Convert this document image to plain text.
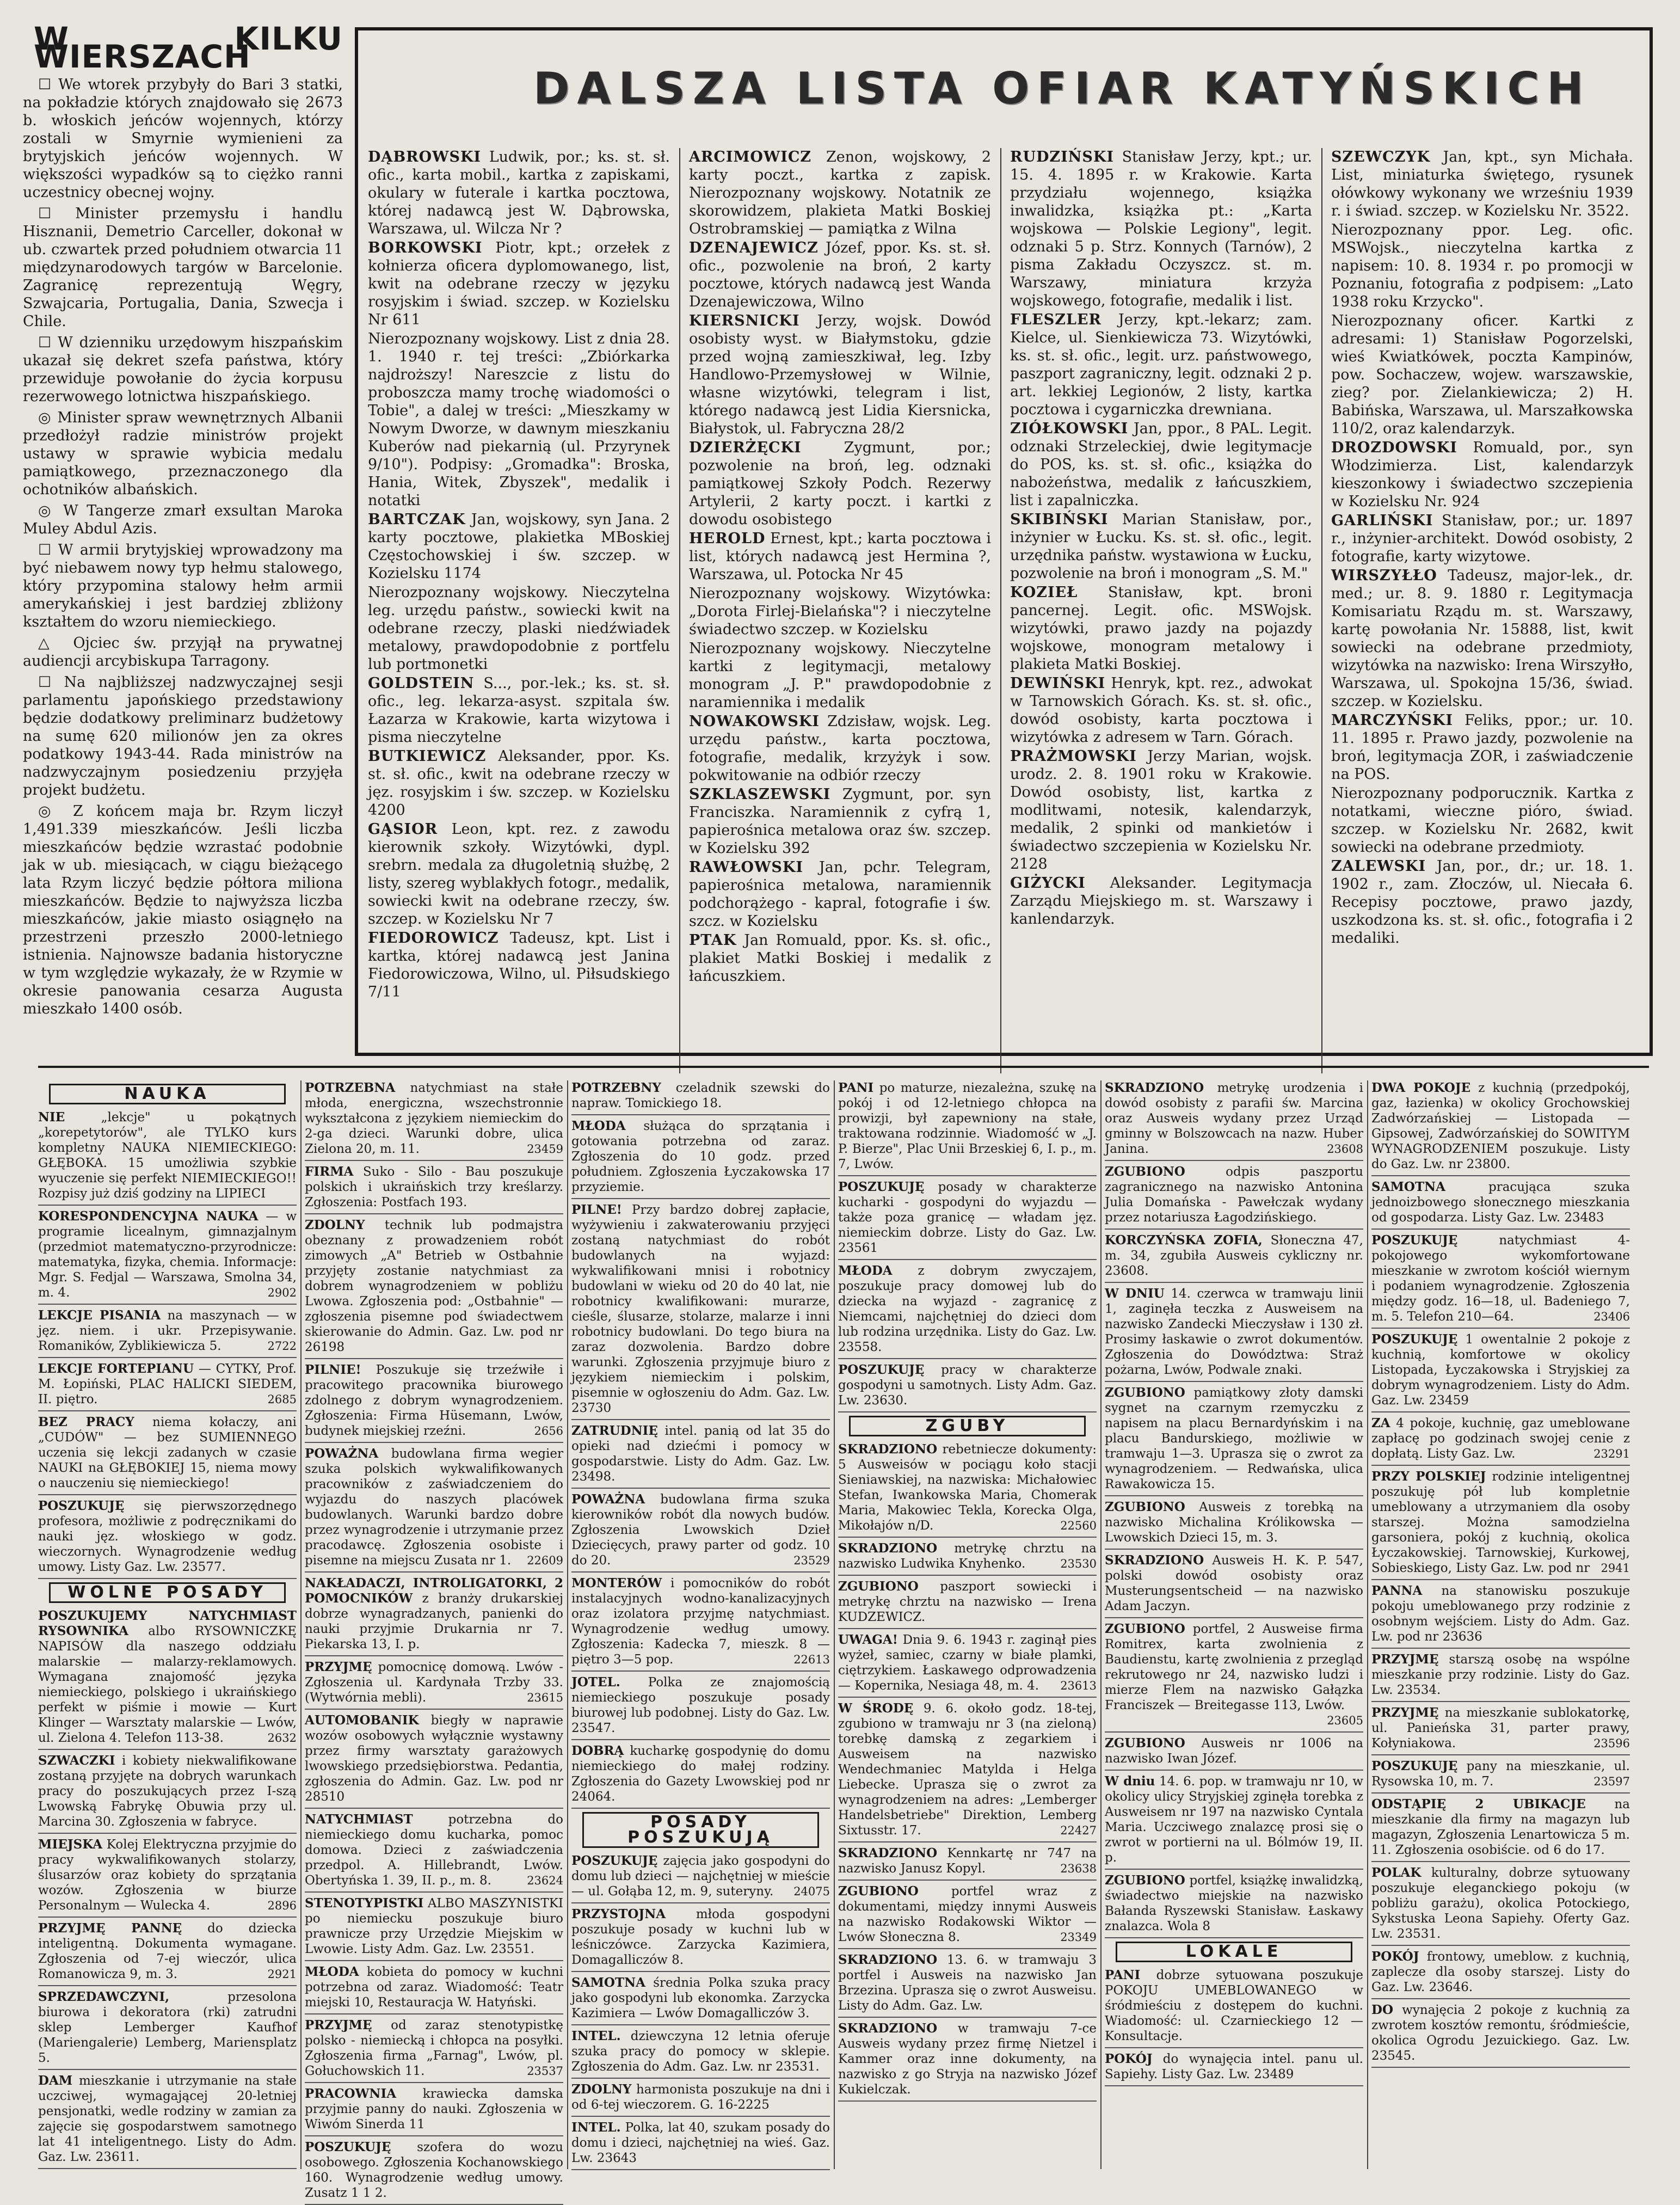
W KILKU WIERSZACH

☐ We wtorek przybyły do Bari 3 statki, na pokładzie których znajdowało się 2673 b. włoskich jeńców wojennych, którzy zostali w Smyrnie wymienieni za brytyjskich jeńców wojennych. W większości wypadków są to ciężko ranni uczestnicy obecnej wojny.

☐ Minister przemysłu i handlu Hisznanii, Demetrio Carceller, dokonał w ub. czwartek przed południem otwarcia 11 międzynarodowych targów w Barcelonie. Zagranicę reprezentują Węgry, Szwajcaria, Portugalia, Dania, Szwecja i Chile.

☐ W dzienniku urzędowym hiszpańskim ukazał się dekret szefa państwa, który przewiduje powołanie do życia korpusu rezerwowego lotnictwa hiszpańskiego.

◎ Minister spraw wewnętrznych Albanii przedłożył radzie ministrów projekt ustawy w sprawie wybicia medalu pamiątkowego, przeznaczonego dla ochotników albańskich.

◎ W Tangerze zmarł exsultan Maroka Muley Abdul Azis.

☐ W armii brytyjskiej wprowadzony ma być niebawem nowy typ hełmu stalowego, który przypomina stalowy hełm armii amerykańskiej i jest bardziej zbliżony kształtem do wzoru niemieckiego.

△ Ojciec św. przyjął na prywatnej audiencji arcybiskupa Tarragony.

☐ Na najbliższej nadzwyczajnej sesji parlamentu japońskiego przedstawiony będzie dodatkowy preliminarz budżetowy na sumę 620 milionów jen za okres podatkowy 1943-44. Rada ministrów na nadzwyczajnym posiedzeniu przyjęła projekt budżetu.

◎ Z końcem maja br. Rzym liczył 1,491.339 mieszkańców. Jeśli liczba mieszkańców będzie wzrastać podobnie jak w ub. miesiącach, w ciągu bieżącego lata Rzym liczyć będzie półtora miliona mieszkańców. Będzie to najwyższa liczba mieszkańców, jakie miasto osiągnęło na przestrzeni przeszło 2000-letniego istnienia. Najnowsze badania historyczne w tym względzie wykazały, że w Rzymie w okresie panowania cesarza Augusta mieszkało 1400 osób.

DALSZA LISTA OFIAR KATYŃSKICH

DĄBROWSKI Ludwik, por.; ks. st. sł. ofic., karta mobil., kartka z zapiskami, okulary w futerale i kartka pocztowa, której nadawcą jest W. Dąbrowska, Warszawa, ul. Wilcza Nr ?

BORKOWSKI Piotr, kpt.; orzełek z kołnierza oficera dyplomowanego, list, kwit na odebrane rzeczy w języku rosyjskim i świad. szczep. w Kozielsku Nr 611

Nierozpoznany wojskowy. List z dnia 28. 1. 1940 r. tej treści: „Zbiórkarka najdroższy! Nareszcie z listu do proboszcza mamy trochę wiadomości o Tobie", a dalej w treści: „Mieszkamy w Nowym Dworze, w dawnym mieszkaniu Kuberów nad piekarnią (ul. Przyrynek 9/10"). Podpisy: „Gromadka": Broska, Hania, Witek, Zbyszek", medalik i notatki

BARTCZAK Jan, wojskowy, syn Jana. 2 karty pocztowe, plakietka MBoskiej Częstochowskiej i św. szczep. w Kozielsku 1174

Nierozpoznany wojskowy. Nieczytelna leg. urzędu państw., sowiecki kwit na odebrane rzeczy, plaski niedźwiadek metalowy, prawdopodobnie z portfelu lub portmonetki

GOLDSTEIN S..., por.-lek.; ks. st. sł. ofic., leg. lekarza-asyst. szpitala św. Łazarza w Krakowie, karta wizytowa i pisma nieczytelne

BUTKIEWICZ Aleksander, ppor. Ks. st. sł. ofic., kwit na odebrane rzeczy w jęz. rosyjskim i św. szczep. w Kozielsku 4200

GĄSIOR Leon, kpt. rez. z zawodu kierownik szkoły. Wizytówki, dypl. srebrn. medala za długoletnią służbę, 2 listy, szereg wyblakłych fotogr., medalik, sowiecki kwit na odebrane rzeczy, św. szczep. w Kozielsku Nr 7

FIEDOROWICZ Tadeusz, kpt. List i kartka, której nadawcą jest Janina Fiedorowiczowa, Wilno, ul. Piłsudskiego 7/11

ARCIMOWICZ Zenon, wojskowy, 2 karty poczt., kartka z zapisk. Nierozpoznany wojskowy. Notatnik ze skorowidzem, plakieta Matki Boskiej Ostrobramskiej — pamiątka z Wilna

DZENAJEWICZ Józef, ppor. Ks. st. sł. ofic., pozwolenie na broń, 2 karty pocztowe, których nadawcą jest Wanda Dzenajewiczowa, Wilno

KIERSNICKI Jerzy, wojsk. Dowód osobisty wyst. w Białymstoku, gdzie przed wojną zamieszkiwał, leg. Izby Handlowo-Przemysłowej w Wilnie, własne wizytówki, telegram i list, którego nadawcą jest Lidia Kiersnicka, Białystok, ul. Fabryczna 28/2

DZIERŻĘCKI Zygmunt, por.; pozwolenie na broń, leg. odznaki pamiątkowej Szkoły Podch. Rezerwy Artylerii, 2 karty poczt. i kartki z dowodu osobistego

HEROLD Ernest, kpt.; karta pocztowa i list, których nadawcą jest Hermina ?, Warszawa, ul. Potocka Nr 45

Nierozpoznany wojskowy. Wizytówka: „Dorota Firlej-Bielańska"? i nieczytelne świadectwo szczep. w Kozielsku

Nierozpoznany wojskowy. Nieczytelne kartki z legitymacji, metalowy monogram „J. P." prawdopodobnie z naramiennika i medalik

NOWAKOWSKI Zdzisław, wojsk. Leg. urzędu państw., karta pocztowa, fotografie, medalik, krzyżyk i sow. pokwitowanie na odbiór rzeczy

SZKLASZEWSKI Zygmunt, por. syn Franciszka. Naramiennik z cyfrą 1, papierośnica metalowa oraz św. szczep. w Kozielsku 392

RAWŁOWSKI Jan, pchr. Telegram, papierośnica metalowa, naramiennik podchorążego - kapral, fotografie i św. szcz. w Kozielsku

PTAK Jan Romuald, ppor. Ks. sł. ofic., plakiet Matki Boskiej i medalik z łańcuszkiem.

RUDZIŃSKI Stanisław Jerzy, kpt.; ur. 15. 4. 1895 r. w Krakowie. Karta przydziału wojennego, książka inwalidzka, książka pt.: „Karta wojskowa — Polskie Legiony", legit. odznaki 5 p. Strz. Konnych (Tarnów), 2 pisma Zakładu Oczyszcz. st. m. Warszawy, miniatura krzyża wojskowego, fotografie, medalik i list.

FLESZLER Jerzy, kpt.-lekarz; zam. Kielce, ul. Sienkiewicza 73. Wizytówki, ks. st. sł. ofic., legit. urz. państwowego, paszport zagraniczny, legit. odznaki 2 p. art. lekkiej Legionów, 2 listy, kartka pocztowa i cygarniczka drewniana.

ZIÓŁKOWSKI Jan, ppor., 8 PAL. Legit. odznaki Strzeleckiej, dwie legitymacje do POS, ks. st. sł. ofic., książka do nabożeństwa, medalik z łańcuszkiem, list i zapalniczka.

SKIBIŃSKI Marian Stanisław, por., inżynier w Łucku. Ks. st. sł. ofic., legit. urzędnika państw. wystawiona w Łucku, pozwolenie na broń i monogram „S. M."

KOZIEŁ Stanisław, kpt. broni pancernej. Legit. ofic. MSWojsk. wizytówki, prawo jazdy na pojazdy wojskowe, monogram metalowy i plakieta Matki Boskiej.

DEWIŃSKI Henryk, kpt. rez., adwokat w Tarnowskich Górach. Ks. st. sł. ofic., dowód osobisty, karta pocztowa i wizytówka z adresem w Tarn. Górach.

PRAŻMOWSKI Jerzy Marian, wojsk. urodz. 2. 8. 1901 roku w Krakowie. Dowód osobisty, list, kartka z modlitwami, notesik, kalendarzyk, medalik, 2 spinki od mankietów i świadectwo szczepienia w Kozielsku Nr. 2128

GIŻYCKI Aleksander. Legitymacja Zarządu Miejskiego m. st. Warszawy i kanlendarzyk.

SZEWCZYK Jan, kpt., syn Michała. List, miniaturka świętego, rysunek ołówkowy wykonany we wrześniu 1939 r. i świad. szczep. w Kozielsku Nr. 3522.

Nierozpoznany ppor. Leg. ofic. MSWojsk., nieczytelna kartka z napisem: 10. 8. 1934 r. po promocji w Poznaniu, fotografia z podpisem: „Lato 1938 roku Krzycko".

Nierozpoznany oficer. Kartki z adresami: 1) Stanisław Pogorzelski, wieś Kwiatkówek, poczta Kampinów, pow. Sochaczew, wojew. warszawskie, zieg? por. Zielankiewicza; 2) H. Babińska, Warszawa, ul. Marszałkowska 110/2, oraz kalendarzyk.

DROZDOWSKI Romuald, por., syn Włodzimierza. List, kalendarzyk kieszonkowy i świadectwo szczepienia w Kozielsku Nr. 924

GARLIŃSKI Stanisław, por.; ur. 1897 r., inżynier-architekt. Dowód osobisty, 2 fotografie, karty wizytowe.

WIRSZYŁŁO Tadeusz, major-lek., dr. med.; ur. 8. 9. 1880 r. Legitymacja Komisariatu Rządu m. st. Warszawy, kartę powołania Nr. 15888, list, kwit sowiecki na odebrane przedmioty, wizytówka na nazwisko: Irena Wirszyłło, Warszawa, ul. Spokojna 15/36, świad. szczep. w Kozielsku.

MARCZYŃSKI Feliks, ppor.; ur. 10. 11. 1895 r. Prawo jazdy, pozwolenie na broń, legitymacja ZOR, i zaświadczenie na POS.

Nierozpoznany podporucznik. Kartka z notatkami, wieczne pióro, świad. szczep. w Kozielsku Nr. 2682, kwit sowiecki na odebrane przedmioty.

ZALEWSKI Jan, por., dr.; ur. 18. 1. 1902 r., zam. Złoczów, ul. Niecała 6. Recepisy pocztowe, prawo jazdy, uszkodzona ks. st. sł. ofic., fotografia i 2 medaliki.

NAUKA
NIE „lekcje" u pokątnych „korepetytorów", ale TYLKO kurs kompletny NAUKA NIEMIECKIEGO: GŁĘBOKA. 15 umożliwia szybkie wyuczenie się perfekt NIEMIECKIEGO!! Rozpisy już dziś godziny na LIPIECI
KORESPONDENCYJNA NAUKA — w programie licealnym, gimnazjalnym (przedmiot matematyczno-przyrodnicze: matematyka, fizyka, chemia. Informacje: Mgr. S. Fedjal — Warszawa, Smolna 34, m. 4.	2902
LEKCJE PISANIA na maszynach — w jęz. niem. i ukr. Przepisywanie. Romaników, Zyblikiewicza 5.	2722
LEKCJE FORTEPIANU — CYTKY, Prof. M. Łopiński, PLAC HALICKI SIEDEM, II. piętro.	2685
BEZ PRACY niema kołaczy, ani „CUDÓW" — bez SUMIENNEGO uczenia się lekcji zadanych w czasie NAUKI na GŁĘBOKIEJ 15, niema mowy o nauczeniu się niemieckiego!
POSZUKUJĘ się pierwszorzędnego profesora, możliwie z podręcznikami do nauki jęz. włoskiego w godz. wieczornych. Wynagrodzenie według umowy. Listy Gaz. Lw. 23577.
WOLNE POSADY
POSZUKUJEMY NATYCHMIAST RYSOWNIKA albo RYSOWNICZKĘ NAPISÓW dla naszego oddziału malarskie — malarzy-reklamowych. Wymagana znajomość języka niemieckiego, polskiego i ukraińskiego perfekt w piśmie i mowie — Kurt Klinger — Warsztaty malarskie — Lwów, ul. Zielona 4. Telefon 113-38.	2632
SZWACZKI i kobiety niekwalifikowane zostaną przyjęte na dobrych warunkach pracy do poszukujących przez I-szą Lwowską Fabrykę Obuwia przy ul. Marcina 30. Zgłoszenia w fabryce.
MIEJSKA Kolej Elektryczna przyjmie do pracy wykwalifikowanych stolarzy, ślusarzów oraz kobiety do sprzątania wozów. Zgłoszenia w biurze Personalnym — Wulecka 4.	2896
PRZYJMĘ PANNĘ do dziecka inteligentną. Dokumenta wymagane. Zgłoszenia od 7-ej wieczór, ulica Romanowicza 9, m. 3.	2921
SPRZEDAWCZYNI, przesolona biurowa i dekoratora (rki) zatrudni sklep Lemberger Kaufhof (Mariengalerie) Lemberg, Mariensplatz 5.
DAM mieszkanie i utrzymanie na stałe uczciwej, wymagającej 20-letniej pensjonatki, wedle rodziny w zamian za zajęcie się gospodarstwem samotnego lat 41 inteligentnego. Listy do Adm. Gaz. Lw. 23611.
POTRZEBNA natychmiast na stałe młoda, energiczna, wszechstronnie wykształcona z językiem niemieckim do 2-ga dzieci. Warunki dobre, ulica Zielona 20, m. 11.	23459
FIRMA Suko - Silo - Bau poszukuje polskich i ukraińskich trzy kreślarzy. Zgłoszenia: Postfach 193.
ZDOLNY technik lub podmajstra obeznany z prowadzeniem robót zimowych „A" Betrieb w Ostbahnie przyjęty zostanie natychmiast za dobrem wynagrodzeniem w pobliżu Lwowa. Zgłoszenia pod: „Ostbahnie" — zgłoszenia pisemne pod świadectwem skierowanie do Admin. Gaz. Lw. pod nr 26198
PILNIE! Poszukuje się trzeźwiłe i pracowitego pracownika biurowego zdolnego z dobrym wynagrodzeniem. Zgłoszenia: Firma Hüsemann, Lwów, budynek miejskiej rzeźni.	2656
POWAŻNA budowlana firma wegier szuka polskich wykwalifikowanych pracowników z zaświadczeniem do wyjazdu do naszych placówek budowlanych. Warunki bardzo dobre przez wynagrodzenie i utrzymanie przez pracodawcę. Zgłoszenia osobiste i pisemne na miejscu Zusata nr 1. 22609
NAKŁADACZI, INTROLIGATORKI, 2 POMOCNIKÓW z branży drukarskiej dobrze wynagradzanych, panienki do nauki przyjmie Drukarnia nr 7. Piekarska 13, I. p.
PRZYJMĘ pomocnicę domową. Lwów - Zgłoszenia ul. Kardynała Trzby 33. (Wytwórnia mebli).	23615
AUTOMOBANIK biegły w naprawie wozów osobowych wyłącznie wystawny przez firmy warsztaty garażowych lwowskiego przedsiębiorstwa. Pedantia, zgłoszenia do Admin. Gaz. Lw. pod nr 28510
NATYCHMIAST potrzebna do niemieckiego domu kucharka, pomoc domowa. Dzieci z zaświadczenia przedpol. A. Hillebrandt, Lwów. Obertyńska 1. 39, II. p., m. 8.	23624
STENOTYPISTKI ALBO MASZYNISTKI po niemiecku poszukuje biuro prawnicze przy Urzędzie Miejskim w Lwowie. Listy Adm. Gaz. Lw. 23551.
MŁODA kobieta do pomocy w kuchni potrzebna od zaraz. Wiadomość: Teatr miejski 10, Restauracja W. Hatyński.
PRZYJMĘ od zaraz stenotypistkę polsko - niemiecką i chłopca na posyłki. Zgłoszenia firma „Farnag", Lwów, pl. Gołuchowskich 11.	23537
PRACOWNIA krawiecka damska przyjmie panny do nauki. Zgłoszenia w Wiwóm Sinerda 11
POSZUKUJĘ szofera do wozu osobowego. Zgłoszenia Kochanowskiego 160. Wynagrodzenie według umowy. Zusatz 1 1 2.
POTRZEBNY czeladnik szewski do napraw. Tomickiego 18.
MŁODA służąca do sprzątania i gotowania potrzebna od zaraz. Zgłoszenia do 10 godz. przed południem. Zgłoszenia Łyczakowska 17 przyziemie.
PILNE! Przy bardzo dobrej zapłacie, wyżywieniu i zakwaterowaniu przyjęci zostaną natychmiast do robót budowlanych na wyjazd: wykwalifikowani mnisi i robotnicy budowlani w wieku od 20 do 40 lat, nie robotnicy kwalifikowani: murarze, cieśle, ślusarze, stolarze, malarze i inni robotnicy budowlani. Do tego biura na zaraz dozwolenia. Bardzo dobre warunki. Zgłoszenia przyjmuje biuro z językiem niemieckim i polskim, pisemnie w ogłoszeniu do Adm. Gaz. Lw. 23730
ZATRUDNIĘ intel. panią od lat 35 do opieki nad dziećmi i pomocy w gospodarstwie. Listy do Adm. Gaz. Lw. 23498.
POWAŻNA budowlana firma szuka kierowników robót dla nowych budów. Zgłoszenia Lwowskich Dzieł Dziecięcych, prawy parter od godz. 10 do 20.	23529
MONTERÓW i pomocników do robót instalacyjnych wodno-kanalizacyjnych oraz izolatora przyjmę natychmiast. Wynagrodzenie według umowy. Zgłoszenia: Kadecka 7, mieszk. 8 — piętro 3—5 pop.	22613
JOTEL. Polka ze znajomością niemieckiego poszukuje posady biurowej lub podobnej. Listy do Gaz. Lw. 23547.
DOBRĄ kucharkę gospodynię do domu niemieckiego do małej rodziny. Zgłoszenia do Gazety Lwowskiej pod nr 24064.
POSADY POSZUKUJĄ
POSZUKUJĘ zajęcia jako gospodyni do domu lub dzieci — najchętniej w mieście — ul. Gołąba 12, m. 9, suteryny. 24075
PRZYSTOJNA młoda gospodyni poszukuje posady w kuchni lub w leśniczówce. Zarzycka Kazimiera, Domagalliczów 8.
SAMOTNA średnia Polka szuka pracy jako gospodyni lub ekonomka. Zarzycka Kazimiera — Lwów Domagalliczów 3.
INTEL. dziewczyna 12 letnia oferuje szuka pracy do pomocy w sklepie. Zgłoszenia do Adm. Gaz. Lw. nr 23531.
ZDOLNY harmonista poszukuje na dni i od 6-tej wieczorem. G. 16-2225
INTEL. Polka, lat 40, szukam posady do domu i dzieci, najchętniej na wieś. Gaz. Lw. 23643
PANI po maturze, niezależna, szukę na pokój i od 12-letniego chłopca na prowizji, był zapewniony na stałe, traktowana rodzinnie. Wiadomość w „J. P. Bierze", Plac Unii Brzeskiej 6, I. p., m. 7, Lwów.
POSZUKUJĘ posady w charakterze kucharki - gospodyni do wyjazdu — także poza granicę — władam jęz. niemieckim dobrze. Listy do Gaz. Lw. 23561
MŁODA z dobrym zwyczajem, poszukuje pracy domowej lub do dziecka na wyjazd - zagranicę z Niemcami, najchętniej do dzieci dom lub rodzina urzędnika. Listy do Gaz. Lw. 23558.
POSZUKUJĘ pracy w charakterze gospodyni u samotnych. Listy Adm. Gaz. Lw. 23630.
ZGUBY
SKRADZIONO rebetniecze dokumenty: 5 Ausweisów w pociągu koło stacji Sieniawskiej, na nazwiska: Michałowiec Stefan, Iwankowska Maria, Chomerak Maria, Makowiec Tekla, Korecka Olga, Mikołajów n/D.	22560
SKRADZIONO metrykę chrztu na nazwisko Ludwika Knyhenko.	23530
ZGUBIONO paszport sowiecki i metrykę chrztu na nazwisko — Irena KUDZEWICZ.
UWAGA! Dnia 9. 6. 1943 r. zaginął pies wyżeł, samiec, czarny w białe plamki, ciętrzykiem. Łaskawego odprowadzenia — Kopernika, Nesiaga 48, m. 4. 23613
W ŚRODĘ 9. 6. około godz. 18-tej, zgubiono w tramwaju nr 3 (na zieloną) torebkę damską z zegarkiem i Ausweisem na nazwisko Wendechmaniec Matylda i Helga Liebecke. Uprasza się o zwrot za wynagrodzeniem na adres: „Lemberger Handelsbetriebe" Direktion, Lemberg Sixtusstr. 17.	22427
SKRADZIONO Kennkartę nr 747 na nazwisko Janusz Kopyl.	23638
ZGUBIONO portfel wraz z dokumentami, między innymi Ausweis na nazwisko Rodakowski Wiktor — Lwów Słoneczna 8.	23349
SKRADZIONO 13. 6. w tramwaju 3 portfel i Ausweis na nazwisko Jan Brzezina. Uprasza się o zwrot Ausweisu. Listy do Adm. Gaz. Lw.
SKRADZIONO w tramwaju 7-ce Ausweis wydany przez firmę Nietzel i Kammer oraz inne dokumenty, na nazwisko z go Stryja na nazwisko Józef Kukielczak.
SKRADZIONO metrykę urodzenia i dowód osobisty z parafii św. Marcina oraz Ausweis wydany przez Urząd gminny w Bolszowcach na nazw. Huber Janina.	23608
ZGUBIONO odpis paszportu zagranicznego na nazwisko Antonina Julia Domańska - Pawełczak wydany przez notariusza Łagodzińskiego.
KORCZYŃSKA ZOFIA, Słoneczna 47, m. 34, zgubiła Ausweis cykliczny nr. 23608.
W DNIU 14. czerwca w tramwaju linii 1, zaginęła teczka z Ausweisem na nazwisko Zandecki Mieczysław i 130 zł. Prosimy łaskawie o zwrot dokumentów. Zgłoszenia do Dowództwa: Straż pożarna, Lwów, Podwale znaki.
ZGUBIONO pamiątkowy złoty damski sygnet na czarnym rzemyczku z napisem na placu Bernardyńskim i na placu Bandurskiego, możliwie w tramwaju 1—3. Uprasza się o zwrot za wynagrodzeniem. — Redwańska, ulica Rawakowicza 15.
ZGUBIONO Ausweis z torebką na nazwisko Michalina Królikowska — Lwowskich Dzieci 15, m. 3.
SKRADZIONO Ausweis H. K. P. 547, polski dowód osobisty oraz Musterungsentscheid — na nazwisko Adam Jaczyn.
ZGUBIONO portfel, 2 Ausweise firma Romitrex, karta zwolnienia z Baudienstu, kartę zwolnienia z przegląd rekrutowego nr 24, nazwisko ludzi i mierze Flem na nazwisko Gałązka Franciszek — Breitegasse 113, Lwów.
23605
ZGUBIONO Ausweis nr 1006 na nazwisko Iwan Józef.
W dniu 14. 6. pop. w tramwaju nr 10, w okolicy ulicy Stryjskiej zginęła torebka z Ausweisem nr 197 na nazwisko Cyntala Maria. Uczciwego znalazcę prosi się o zwrot w portierni na ul. Bólmów 19, II. p.
ZGUBIONO portfel, książkę inwalidzką, świadectwo miejskie na nazwisko Bałanda Ryszewski Stanisław. Łaskawy znalazca. Wola 8
LOKALE
PANI dobrze sytuowana poszukuje POKOJU UMEBLOWANEGO w śródmieściu z dostępem do kuchni. Wiadomość: ul. Czarnieckiego 12 — Konsultacje.
POKÓJ do wynajęcia intel. panu ul. Sapiehy. Listy Gaz. Lw. 23489
DWA POKOJE z kuchnią (przedpokój, gaz, łazienka) w okolicy Grochowskiej Zadwórzańskiej — Listopada — Gipsowej, Zadwórzańskiej do SOWITYM WYNAGRODZENIEM poszukuje. Listy do Gaz. Lw. nr 23800.
SAMOTNA pracująca szuka jednoizbowego słonecznego mieszkania od gospodarza. Listy Gaz. Lw. 23483
POSZUKUJĘ natychmiast 4-pokojowego wykomfortowane mieszkanie w zwrotom kościół wiernym i podaniem wynagrodzenie. Zgłoszenia między godz. 16—18, ul. Badeniego 7, m. 5. Telefon 210—64.	23406
POSZUKUJĘ 1 owentalnie 2 pokoje z kuchnią, komfortowe w okolicy Listopada, Łyczakowska i Stryjskiej za dobrym wynagrodzeniem. Listy do Adm. Gaz. Lw. 23459
ZA 4 pokoje, kuchnię, gaz umeblowane zapłacę po godzinach swojej cenie z dopłatą. Listy Gaz. Lw.	23291
PRZY POLSKIEJ rodzinie inteligentnej poszukuję pół lub kompletnie umeblowany a utrzymaniem dla osoby starszej. Można samodzielna garsoniera, pokój z kuchnią, okolica Łyczakowskiej. Tarnowskiej, Kurkowej, Sobieskiego, Listy Gaz. Lw. pod nr 2941
PANNA na stanowisku poszukuje pokoju umeblowanego przy rodzinie z osobnym wejściem. Listy do Adm. Gaz. Lw. pod nr 23636
PRZYJMĘ starszą osobę na wspólne mieszkanie przy rodzinie. Listy do Gaz. Lw. 23534.
PRZYJMĘ na mieszkanie sublokatorkę, ul. Panieńska 31, parter prawy, Kołyniakowa.	23596
POSZUKUJĘ pany na mieszkanie, ul. Rysowska 10, m. 7.	23597
ODSTĄPIĘ 2 UBIKACJE na mieszkanie dla firmy na magazyn lub magazyn, Zgłoszenia Lenartowicza 5 m. 11. Zgłoszenia osobiście. od 6 do 17.
POLAK kulturalny, dobrze sytuowany poszukuje eleganckiego pokoju (w pobliżu garażu), okolica Potockiego, Sykstuska Leona Sapiehy. Oferty Gaz. Lw. 23531.
POKÓJ frontowy, umeblow. z kuchnią, zaplecze dla osoby starszej. Listy do Gaz. Lw. 23646.
DO wynajęcia 2 pokoje z kuchnią za zwrotem kosztów remontu, śródmieście, okolica Ogrodu Jezuickiego. Gaz. Lw. 23545.
